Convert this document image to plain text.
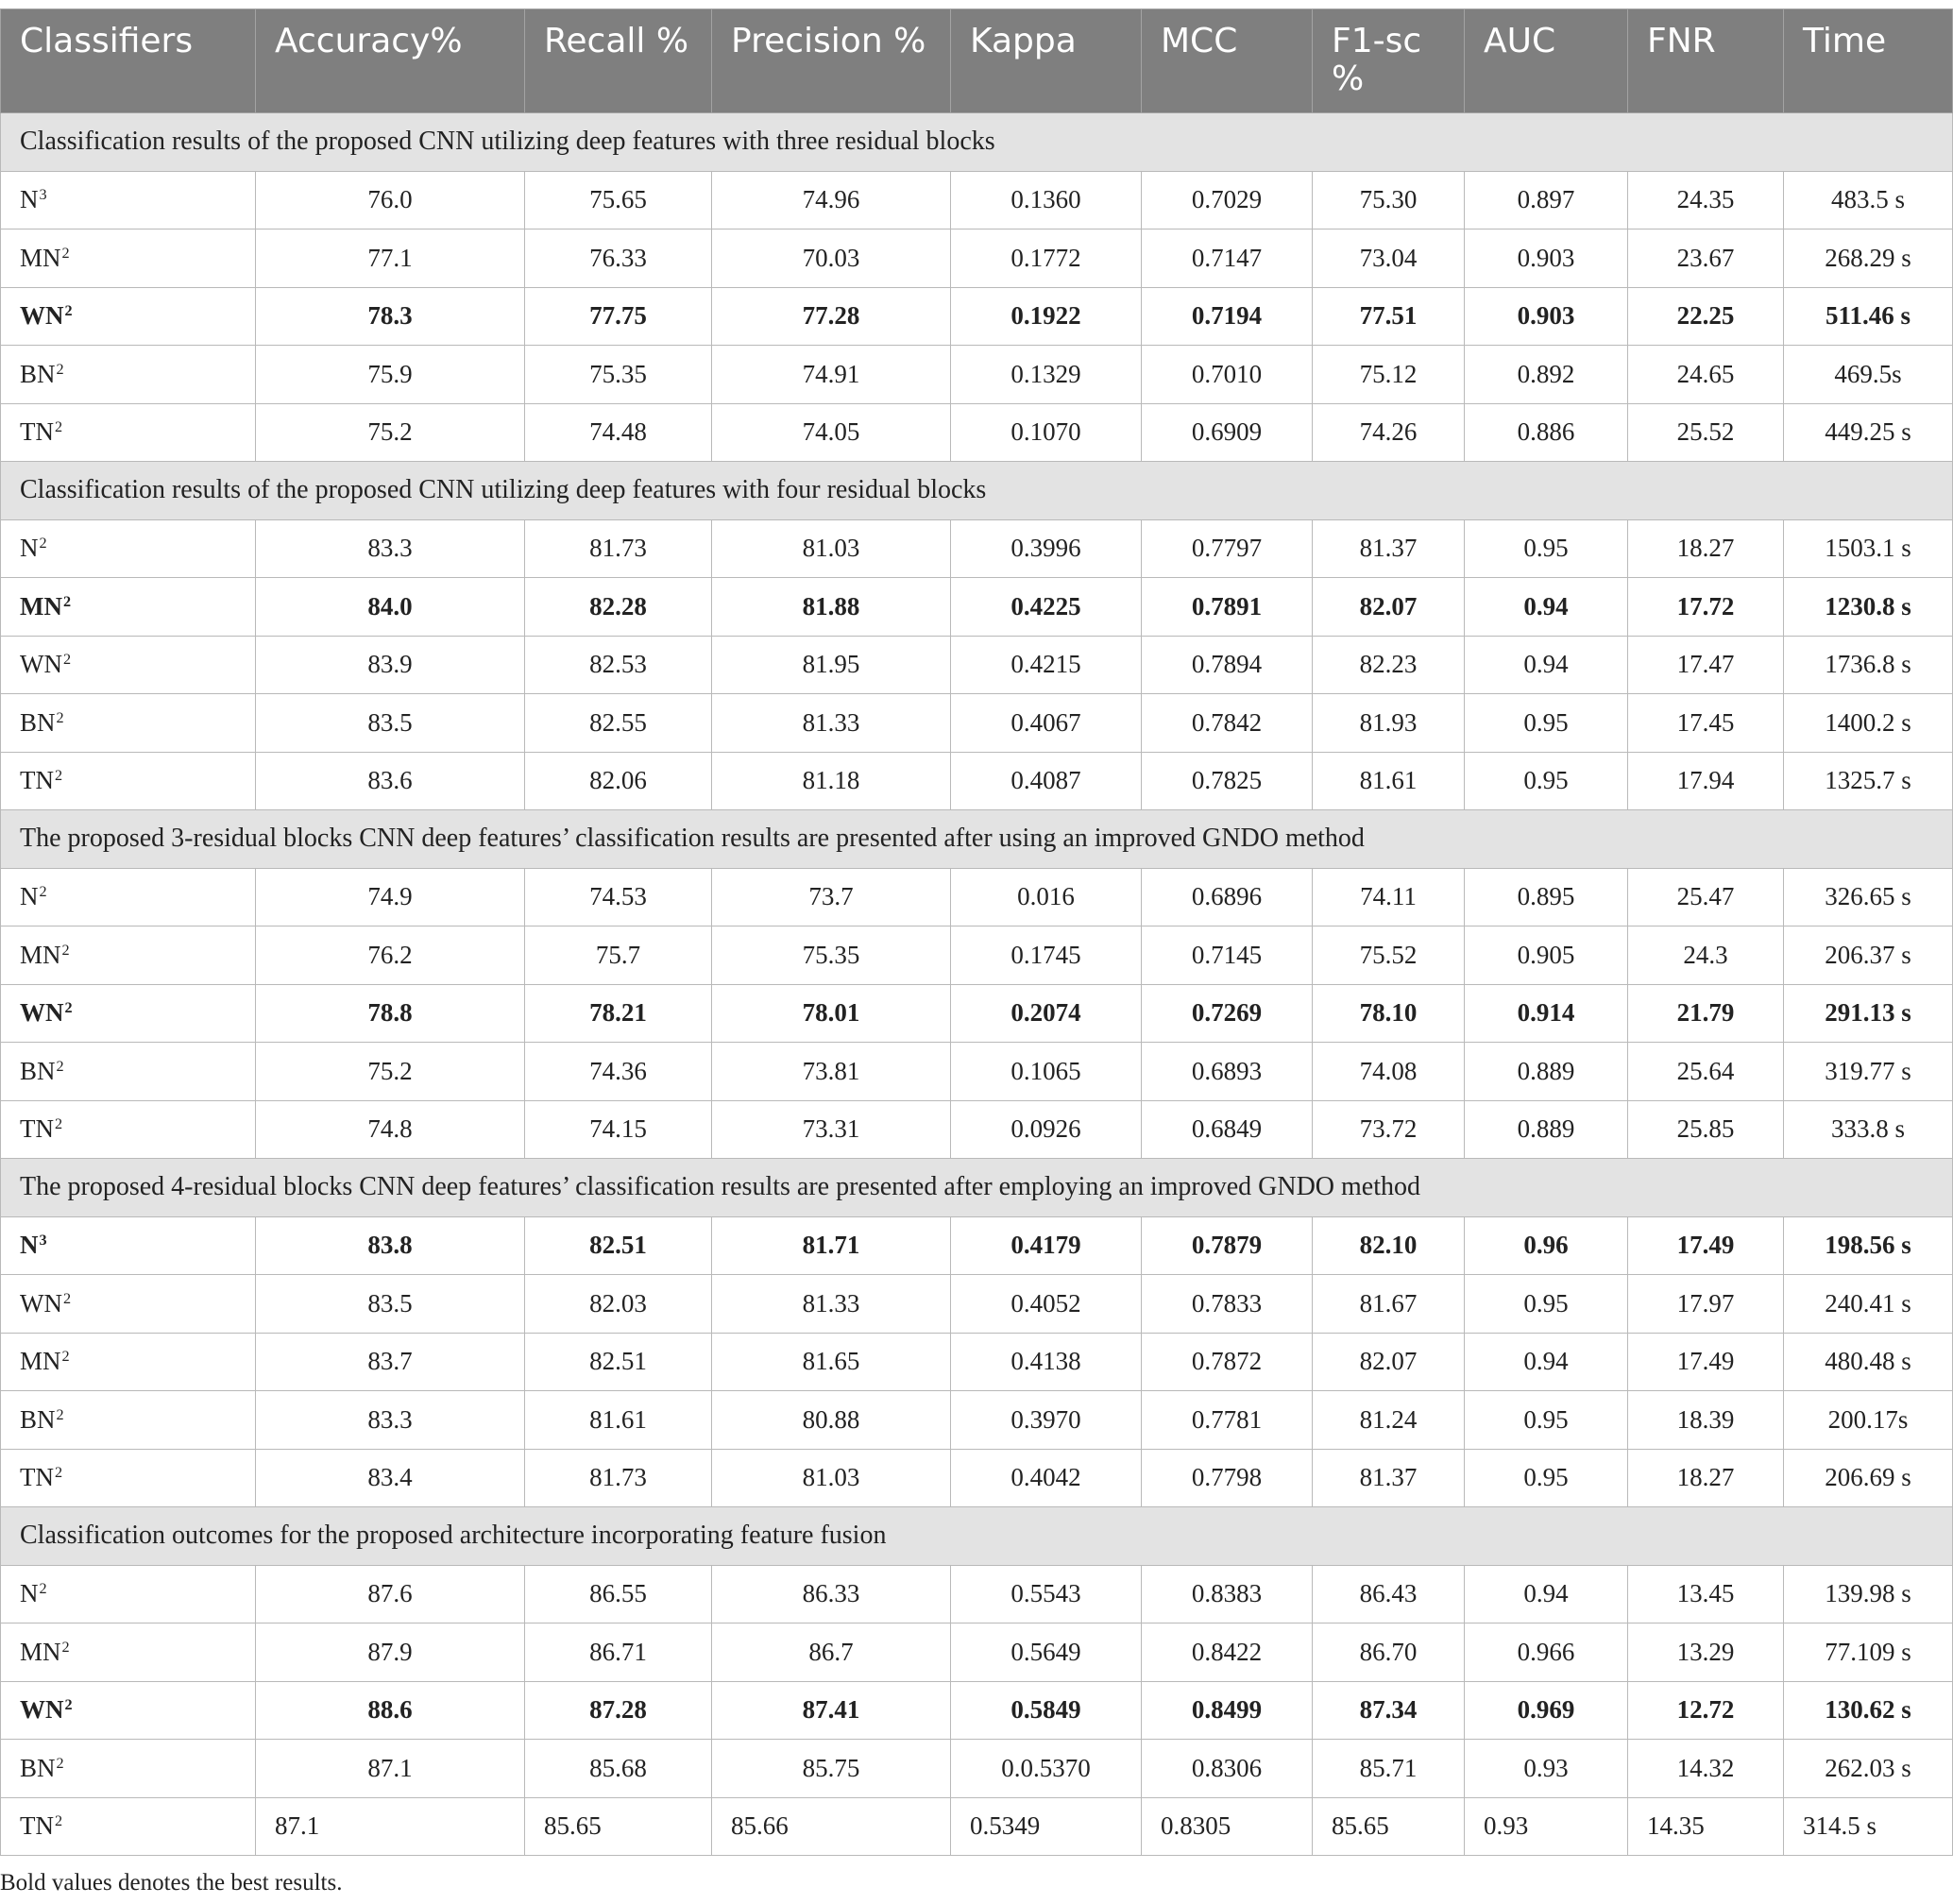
Classifiers	Accuracy%	Recall %	Precision %	Kappa	MCC	F1-sc %	AUC	FNR	Time
Classification results of the proposed CNN utilizing deep features with three residual blocks									
$N^3$	76.0	75.65	74.96	0.1360	0.7029	75.30	0.897	24.35	483.5 s
$MN^2$	77.1	76.33	70.03	0.1772	0.7147	73.04	0.903	23.67	268.29 s
$WN^2$	78.3	77.75	77.28	0.1922	0.7194	77.51	0.903	22.25	511.46 s
$BN^2$	75.9	75.35	74.91	0.1329	0.7010	75.12	0.892	24.65	469.5s
$TN^2$	75.2	74.48	74.05	0.1070	0.6909	74.26	0.886	25.52	449.25 s
Classification results of the proposed CNN utilizing deep features with four residual blocks									
$N^2$	83.3	81.73	81.03	0.3996	0.7797	81.37	0.95	18.27	1503.1 s
$MN^2$	84.0	82.28	81.88	0.4225	0.7891	82.07	0.94	17.72	1230.8 s
$WN^2$	83.9	82.53	81.95	0.4215	0.7894	82.23	0.94	17.47	1736.8 s
$BN^2$	83.5	82.55	81.33	0.4067	0.7842	81.93	0.95	17.45	1400.2 s
$TN^2$	83.6	82.06	81.18	0.4087	0.7825	81.61	0.95	17.94	1325.7 s
The proposed 3-residual blocks CNN deep features’ classification results are presented after using an improved GNDO method									
$N^2$	74.9	74.53	73.7	0.016	0.6896	74.11	0.895	25.47	326.65 s
$MN^2$	76.2	75.7	75.35	0.1745	0.7145	75.52	0.905	24.3	206.37 s
$WN^2$	78.8	78.21	78.01	0.2074	0.7269	78.10	0.914	21.79	291.13 s
$BN^2$	75.2	74.36	73.81	0.1065	0.6893	74.08	0.889	25.64	319.77 s
$TN^2$	74.8	74.15	73.31	0.0926	0.6849	73.72	0.889	25.85	333.8 s
The proposed 4-residual blocks CNN deep features’ classification results are presented after employing an improved GNDO method									
$N^3$	83.8	82.51	81.71	0.4179	0.7879	82.10	0.96	17.49	198.56 s
$WN^2$	83.5	82.03	81.33	0.4052	0.7833	81.67	0.95	17.97	240.41 s
$MN^2$	83.7	82.51	81.65	0.4138	0.7872	82.07	0.94	17.49	480.48 s
$BN^2$	83.3	81.61	80.88	0.3970	0.7781	81.24	0.95	18.39	200.17s
$TN^2$	83.4	81.73	81.03	0.4042	0.7798	81.37	0.95	18.27	206.69 s
Classification outcomes for the proposed architecture incorporating feature fusion									
$N^2$	87.6	86.55	86.33	0.5543	0.8383	86.43	0.94	13.45	139.98 s
$MN^2$	87.9	86.71	86.7	0.5649	0.8422	86.70	0.966	13.29	77.109 s
$WN^2$	88.6	87.28	87.41	0.5849	0.8499	87.34	0.969	12.72	130.62 s
$BN^2$	87.1	85.68	85.75	0.0.5370	0.8306	85.71	0.93	14.32	262.03 s
$TN^2$	87.1	85.65	85.66	0.5349	0.8305	85.65	0.93	14.35	314.5 s
Bold values denotes the best results.
